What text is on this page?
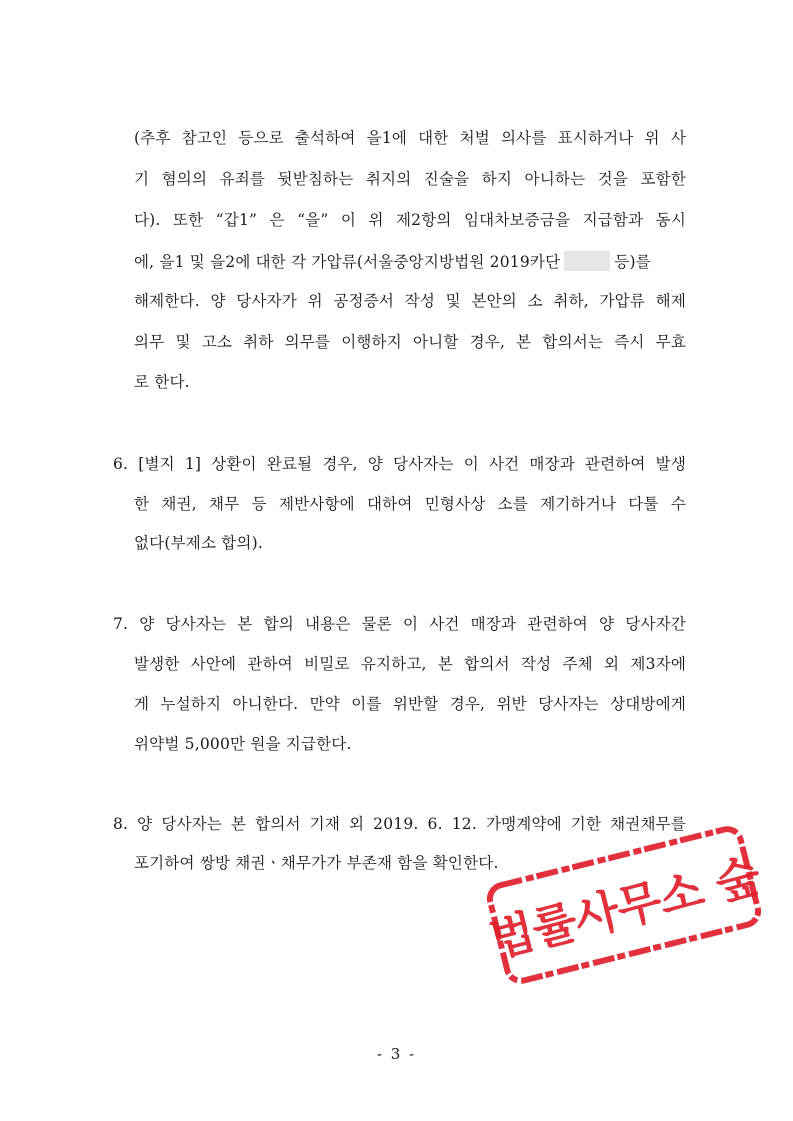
(추후 참고인 등으로 출석하여 을1에 대한 처벌 의사를 표시하거나 위 사
기 혐의의 유죄를 뒷받침하는 취지의 진술을 하지 아니하는 것을 포함한
다). 또한 “갑1” 은 “을” 이 위 제2항의 임대차보증금을 지급함과 동시
에, 을1 및 을2에 대한 각 가압류(서울중앙지방법원 2019카단	등)를
해제한다. 양 당사자가 위 공정증서 작성 및 본안의 소 취하, 가압류 해제
의무 및 고소 취하 의무를 이행하지 아니할 경우, 본 합의서는 즉시 무효
로 한다.
6. [별지 1] 상환이 완료될 경우, 양 당사자는 이 사건 매장과 관련하여 발생
한 채권, 채무 등 제반사항에 대하여 민형사상 소를 제기하거나 다툴 수
없다(부제소 합의).
7. 양 당사자는 본 합의 내용은 물론 이 사건 매장과 관련하여 양 당사자간
발생한 사안에 관하여 비밀로 유지하고, 본 합의서 작성 주체 외 제3자에
게 누설하지 아니한다. 만약 이를 위반할 경우, 위반 당사자는 상대방에게
위약벌 5,000만 원을 지급한다.
8. 양 당사자는 본 합의서 기재 외 2019. 6. 12. 가맹계약에 기한 채권채무를
포기하여 쌍방 채권ㆍ채무가가 부존재 함을 확인한다.
법률사무소 숲
- 3 -
